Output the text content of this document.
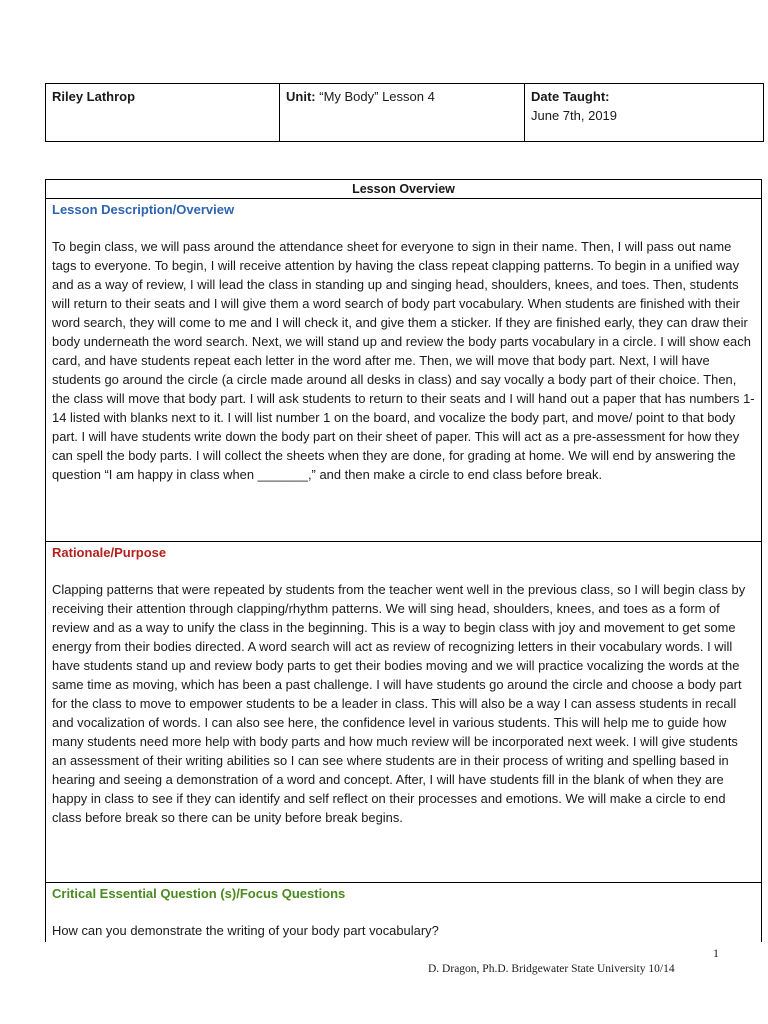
Riley Lathrop	Unit: “My Body” Lesson 4	Date Taught:
June 7th, 2019
Lesson Overview
Lesson Description/Overview
To begin class, we will pass around the attendance sheet for everyone to sign in their name. Then, I will pass out name tags to everyone. To begin, I will receive attention by having the class repeat clapping patterns. To begin in a unified way and as a way of review, I will lead the class in standing up and singing head, shoulders, knees, and toes. Then, students will return to their seats and I will give them a word search of body part vocabulary. When students are finished with their word search, they will come to me and I will check it, and give them a sticker. If they are finished early, they can draw their body underneath the word search. Next, we will stand up and review the body parts vocabulary in a circle. I will show each card, and have students repeat each letter in the word after me. Then, we will move that body part. Next, I will have students go around the circle (a circle made around all desks in class) and say vocally a body part of their choice. Then, the class will move that body part. I will ask students to return to their seats and I will hand out a paper that has numbers 1-14 listed with blanks next to it. I will list number 1 on the board, and vocalize the body part, and move/ point to that body part. I will have students write down the body part on their sheet of paper. This will act as a pre-assessment for how they can spell the body parts. I will collect the sheets when they are done, for grading at home. We will end by answering the question “I am happy in class when _______,” and then make a circle to end class before break.
Rationale/Purpose
Clapping patterns that were repeated by students from the teacher went well in the previous class, so I will begin class by receiving their attention through clapping/rhythm patterns. We will sing head, shoulders, knees, and toes as a form of review and as a way to unify the class in the beginning. This is a way to begin class with joy and movement to get some energy from their bodies directed. A word search will act as review of recognizing letters in their vocabulary words. I will have students stand up and review body parts to get their bodies moving and we will practice vocalizing the words at the same time as moving, which has been a past challenge. I will have students go around the circle and choose a body part for the class to move to empower students to be a leader in class. This will also be a way I can assess students in recall and vocalization of words. I can also see here, the confidence level in various students. This will help me to guide how many students need more help with body parts and how much review will be incorporated next week. I will give students an assessment of their writing abilities so I can see where students are in their process of writing and spelling based in hearing and seeing a demonstration of a word and concept. After, I will have students fill in the blank of when they are happy in class to see if they can identify and self reflect on their processes and emotions. We will make a circle to end class before break so there can be unity before break begins.
Critical Essential Question (s)/Focus Questions
How can you demonstrate the writing of your body part vocabulary?
1
D. Dragon, Ph.D. Bridgewater State University 10/14
